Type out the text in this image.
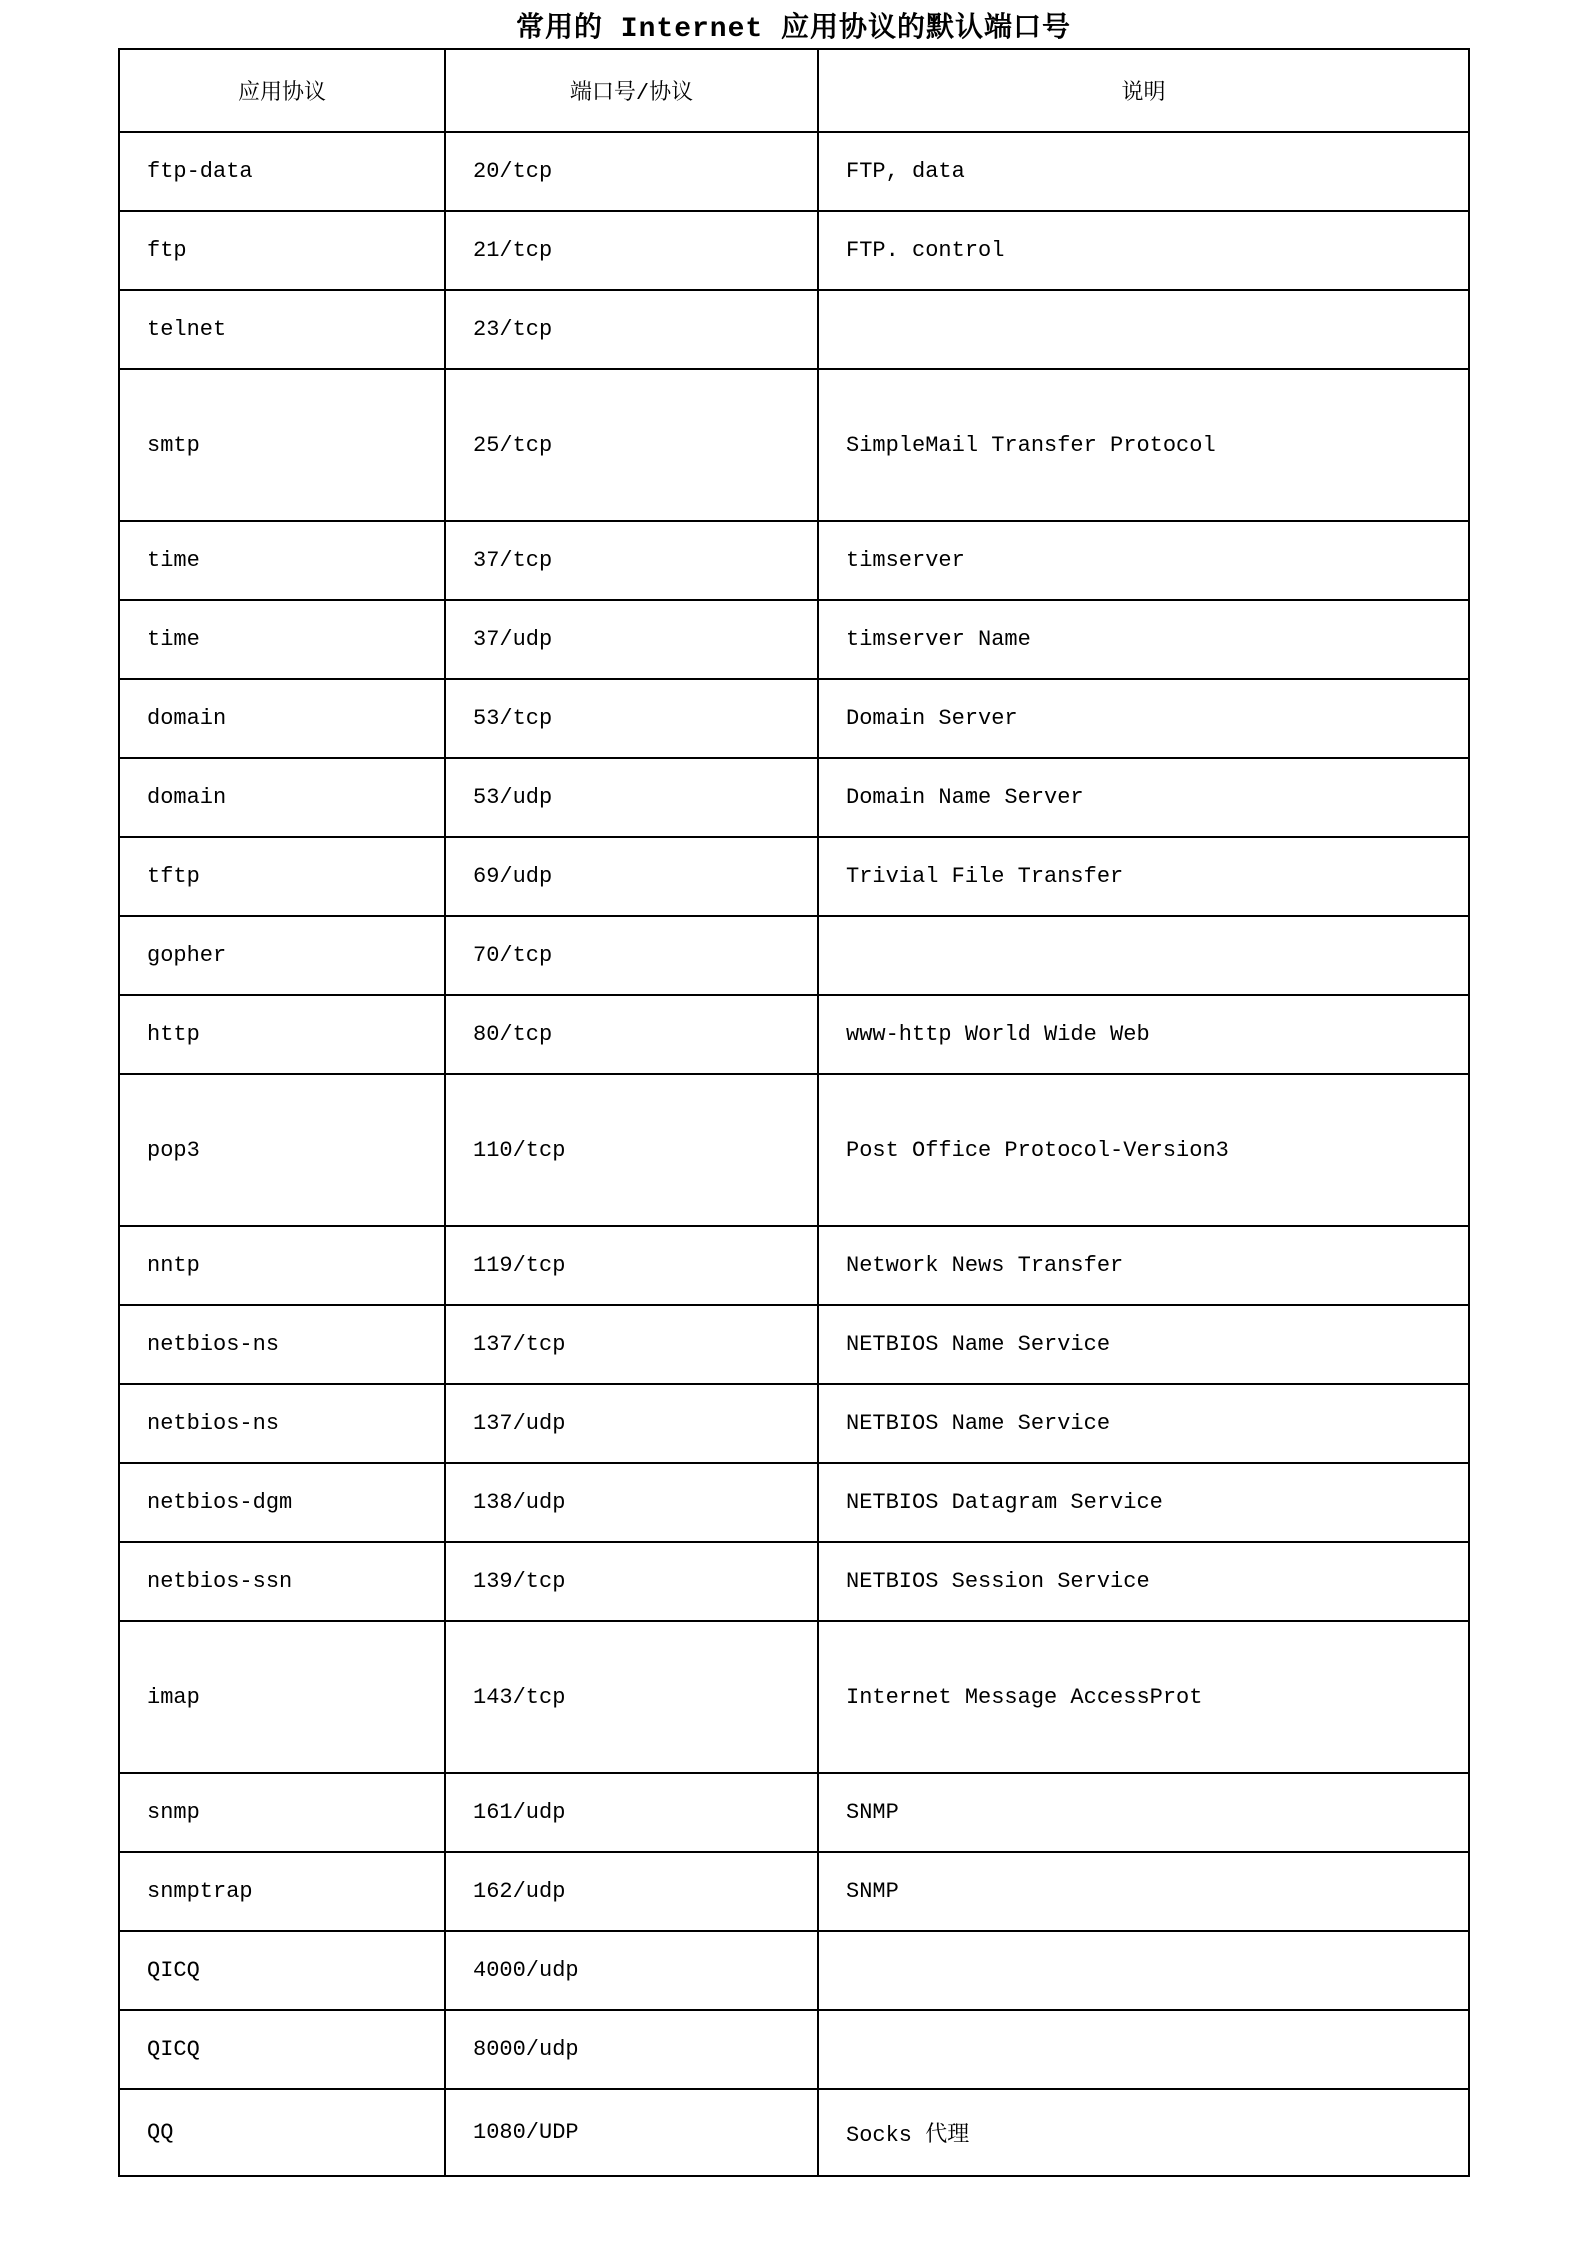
常用的 Internet 应用协议的默认端口号
应用协议	端口号/协议	说明
ftp-data	20/tcp	FTP, data
ftp	21/tcp	FTP. control
telnet	23/tcp	
smtp	25/tcp	SimpleMail Transfer Protocol
time	37/tcp	timserver
time	37/udp	timserver Name
domain	53/tcp	Domain Server
domain	53/udp	Domain Name Server
tftp	69/udp	Trivial File Transfer
gopher	70/tcp	
http	80/tcp	www-http World Wide Web
pop3	110/tcp	Post Office Protocol-Version3
nntp	119/tcp	Network News Transfer
netbios-ns	137/tcp	NETBIOS Name Service
netbios-ns	137/udp	NETBIOS Name Service
netbios-dgm	138/udp	NETBIOS Datagram Service
netbios-ssn	139/tcp	NETBIOS Session Service
imap	143/tcp	Internet Message AccessProt
snmp	161/udp	SNMP
snmptrap	162/udp	SNMP
QICQ	4000/udp	
QICQ	8000/udp	
QQ	1080/UDP	Socks 代理
